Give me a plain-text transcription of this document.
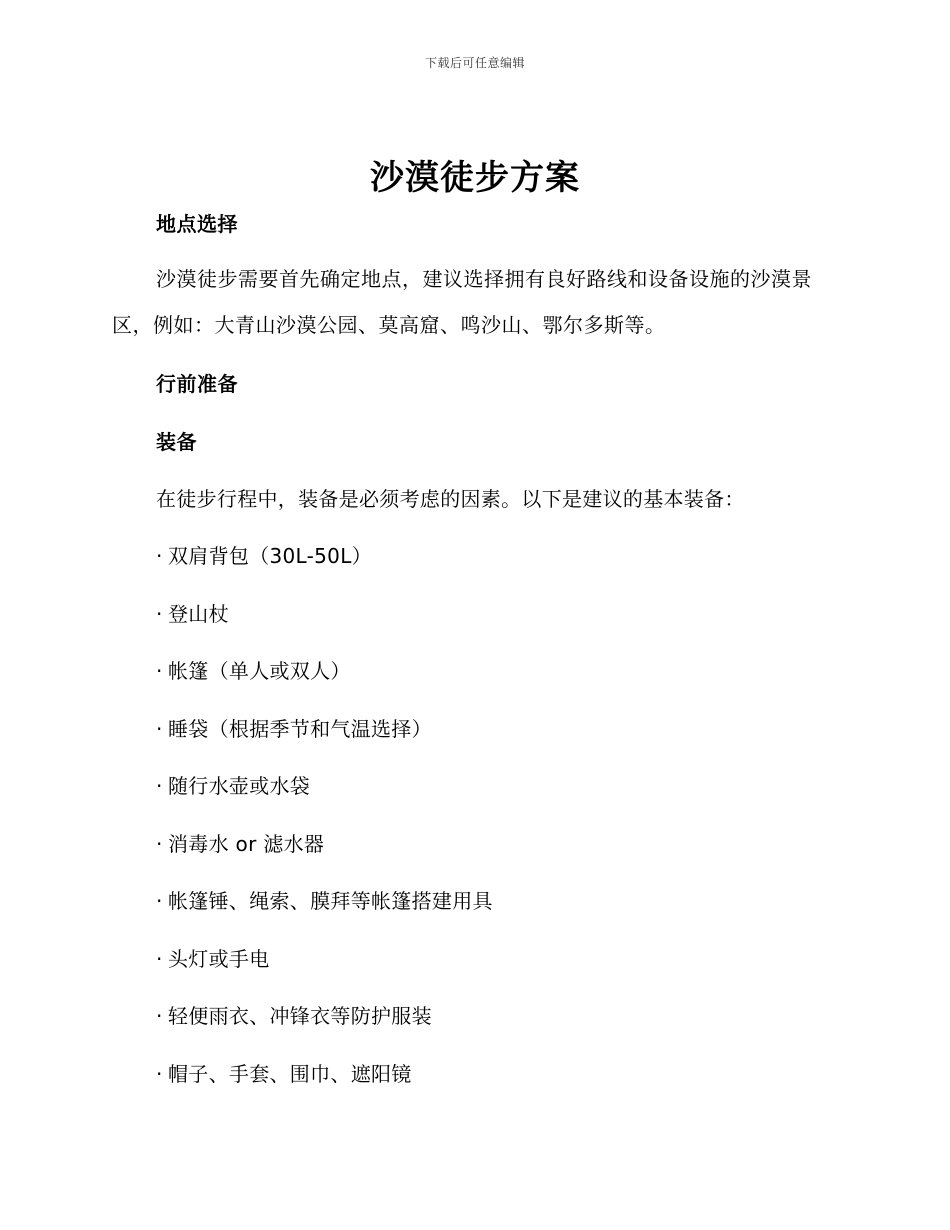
下载后可任意编辑
沙漠徒步方案
地点选择
沙漠徒步需要首先确定地点，建议选择拥有良好路线和设备设施的沙漠景区，例如：大青山沙漠公园、莫高窟、鸣沙山、鄂尔多斯等。
行前准备
装备
在徒步行程中，装备是必须考虑的因素。以下是建议的基本装备：
· 双肩背包（30L-50L）
· 登山杖
· 帐篷（单人或双人）
· 睡袋（根据季节和气温选择）
· 随行水壶或水袋
· 消毒水 or 滤水器
· 帐篷锤、绳索、膜拜等帐篷搭建用具
· 头灯或手电
· 轻便雨衣、冲锋衣等防护服装
· 帽子、手套、围巾、遮阳镜
